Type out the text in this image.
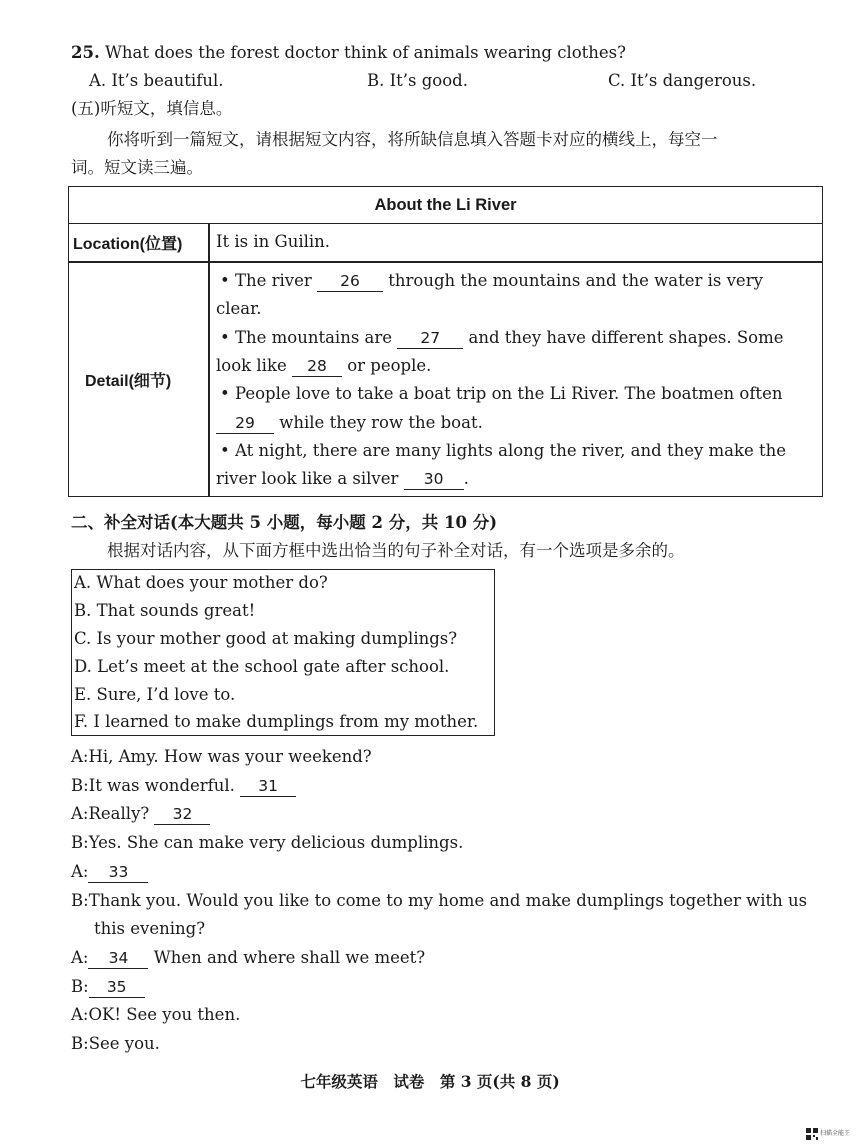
25. What does the forest doctor think of animals wearing clothes?
A. It’s beautiful.	B. It’s good.	C. It’s dangerous.
(五)听短文，填信息。
你将听到一篇短文，请根据短文内容，将所缺信息填入答题卡对应的横线上，每空一
词。短文读三遍。
About the Li River
Location(位置) It is in Guilin.
Detail(细节)
• The river 26 through the mountains and the water is very
clear.
• The mountains are 27 and they have different shapes. Some
look like 28 or people.
• People love to take a boat trip on the Li River. The boatmen often
29 while they row the boat.
• At night, there are many lights along the river, and they make the
river look like a silver 30 .
二、补全对话(本大题共 5 小题，每小题 2 分，共 10 分)
根据对话内容，从下面方框中选出恰当的句子补全对话，有一个选项是多余的。
A. What does your mother do?
B. That sounds great!
C. Is your mother good at making dumplings?
D. Let’s meet at the school gate after school.
E. Sure, I’d love to.
F. I learned to make dumplings from my mother.
A:Hi, Amy. How was your weekend?
B:It was wonderful. 31
A:Really? 32
B:Yes. She can make very delicious dumplings.
A: 33
B:Thank you. Would you like to come to my home and make dumplings together with us
this evening?
A: 34 When and where shall we meet?
B: 35
A:OK! See you then.
B:See you.
七年级英语　试卷　第 3 页(共 8 页)
扫描全能王
